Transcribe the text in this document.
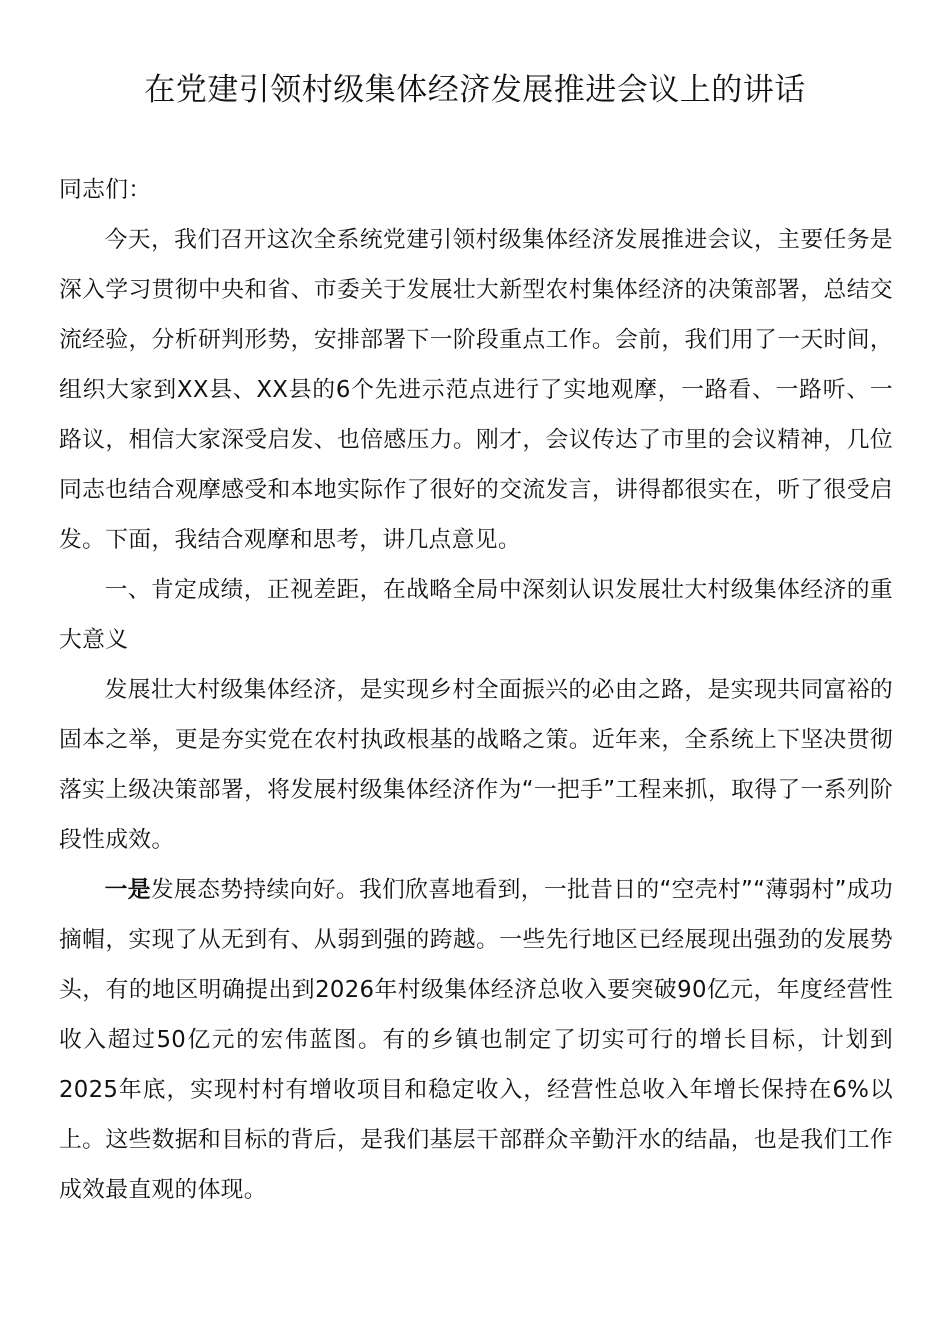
在党建引领村级集体经济发展推进会议上的讲话

同志们：

今天，我们召开这次全系统党建引领村级集体经济发展推进会议，主要任务是深入学习贯彻中央和省、市委关于发展壮大新型农村集体经济的决策部署，总结交流经验，分析研判形势，安排部署下一阶段重点工作。会前，我们用了一天时间，组织大家到XX县、XX县的6个先进示范点进行了实地观摩，一路看、一路听、一路议，相信大家深受启发、也倍感压力。刚才，会议传达了市里的会议精神，几位同志也结合观摩感受和本地实际作了很好的交流发言，讲得都很实在，听了很受启发。下面，我结合观摩和思考，讲几点意见。

一、肯定成绩，正视差距，在战略全局中深刻认识发展壮大村级集体经济的重大意义

发展壮大村级集体经济，是实现乡村全面振兴的必由之路，是实现共同富裕的固本之举，更是夯实党在农村执政根基的战略之策。近年来，全系统上下坚决贯彻落实上级决策部署，将发展村级集体经济作为“一把手”工程来抓，取得了一系列阶段性成效。

一是发展态势持续向好。我们欣喜地看到，一批昔日的“空壳村”“薄弱村”成功摘帽，实现了从无到有、从弱到强的跨越。一些先行地区已经展现出强劲的发展势头，有的地区明确提出到2026年村级集体经济总收入要突破90亿元，年度经营性收入超过50亿元的宏伟蓝图。有的乡镇也制定了切实可行的增长目标，计划到2025年底，实现村村有增收项目和稳定收入，经营性总收入年增长保持在6%以上。这些数据和目标的背后，是我们基层干部群众辛勤汗水的结晶，也是我们工作成效最直观的体现。
